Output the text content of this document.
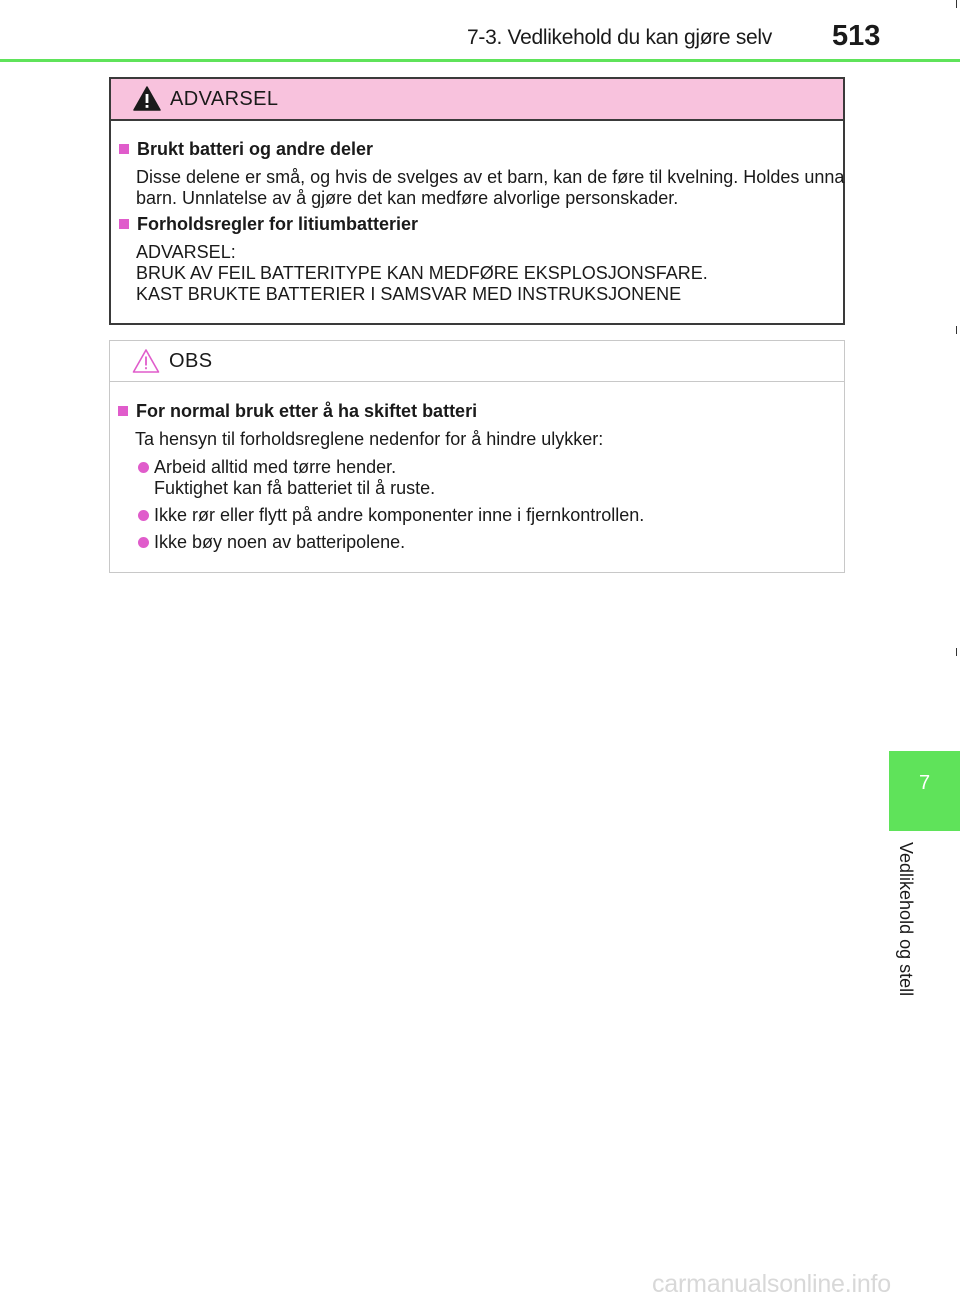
7-3. Vedlikehold du kan gjøre selv 513
ADVARSEL
Brukt batteri og andre deler
Disse delene er små, og hvis de svelges av et barn, kan de føre til kvelning. Holdes unna
barn. Unnlatelse av å gjøre det kan medføre alvorlige personskader.
Forholdsregler for litiumbatterier
ADVARSEL:
BRUK AV FEIL BATTERITYPE KAN MEDFØRE EKSPLOSJONSFARE.
KAST BRUKTE BATTERIER I SAMSVAR MED INSTRUKSJONENE
OBS
For normal bruk etter å ha skiftet batteri
Ta hensyn til forholdsreglene nedenfor for å hindre ulykker:
Arbeid alltid med tørre hender.
Fuktighet kan få batteriet til å ruste.
Ikke rør eller flytt på andre komponenter inne i fjernkontrollen.
Ikke bøy noen av batteripolene.
7
Vedlikehold og stell
carmanualsonline.info
